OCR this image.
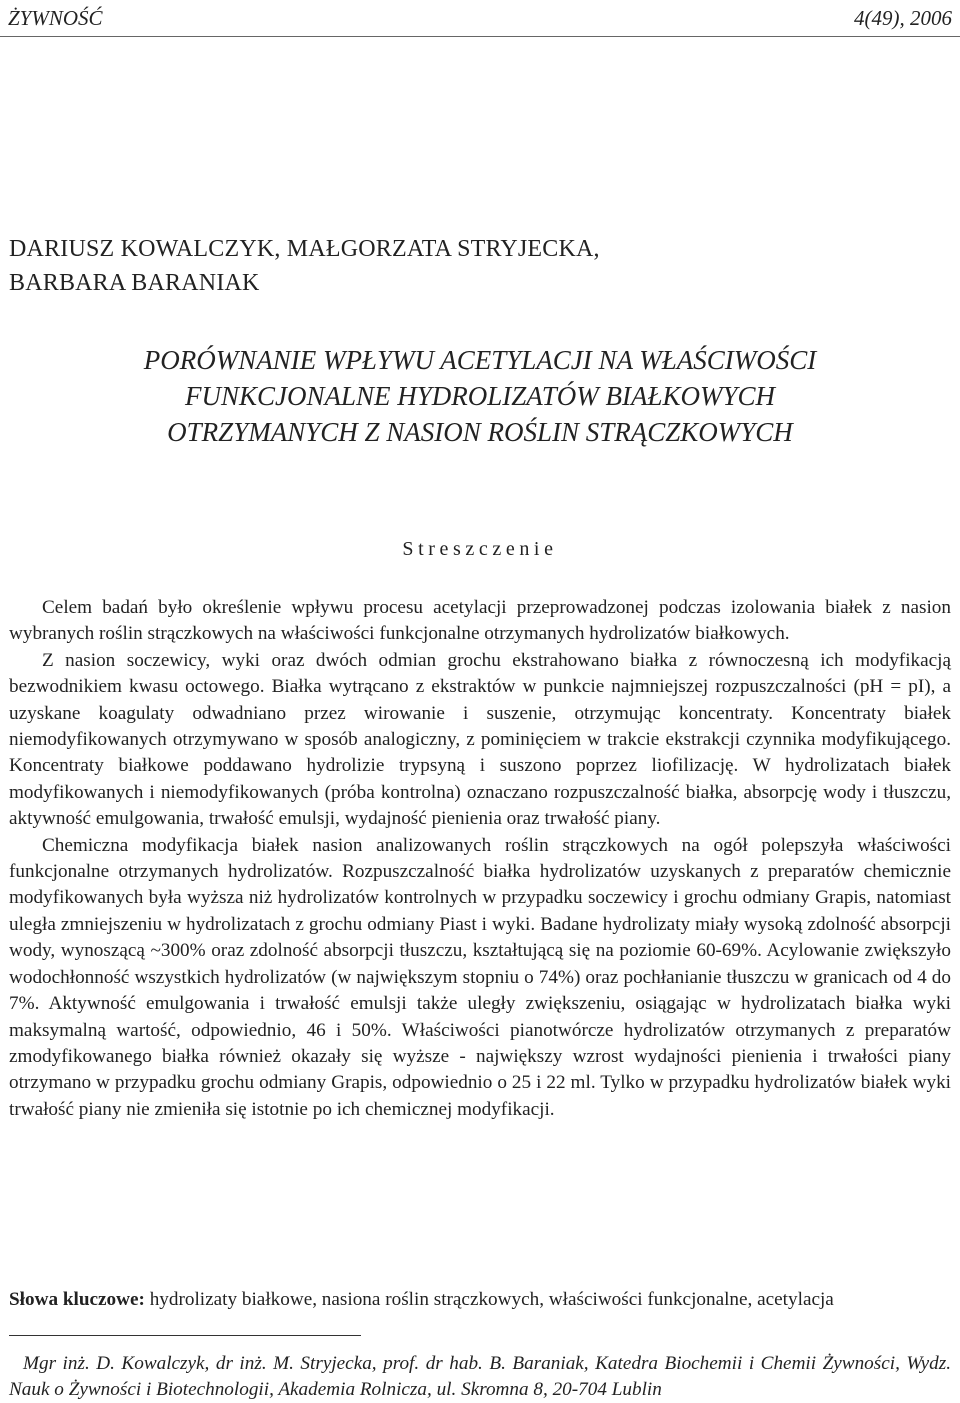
ŻYWNOŚĆ	4(49), 2006
DARIUSZ KOWALCZYK, MAŁGORZATA STRYJECKA,
BARBARA BARANIAK
PORÓWNANIE WPŁYWU ACETYLACJI NA WŁAŚCIWOŚCI
FUNKCJONALNE HYDROLIZATÓW BIAŁKOWYCH
OTRZYMANYCH Z NASION ROŚLIN STRĄCZKOWYCH
Streszczenie

Celem badań było określenie wpływu procesu acetylacji przeprowadzonej podczas izolowania białek z nasion wybranych roślin strączkowych na właściwości funkcjonalne otrzymanych hydrolizatów białkowych.

Z nasion soczewicy, wyki oraz dwóch odmian grochu ekstrahowano białka z równoczesną ich modyfikacją bezwodnikiem kwasu octowego. Białka wytrącano z ekstraktów w punkcie najmniejszej rozpuszczalności (pH = pI), a uzyskane koagulaty odwadniano przez wirowanie i suszenie, otrzymując koncentraty. Koncentraty białek niemodyfikowanych otrzymywano w sposób analogiczny, z pominięciem w trakcie ekstrakcji czynnika modyfikującego. Koncentraty białkowe poddawano hydrolizie trypsyną i suszono poprzez liofilizację. W hydrolizatach białek modyfikowanych i niemodyfikowanych (próba kontrolna) oznaczano rozpuszczalność białka, absorpcję wody i tłuszczu, aktywność emulgowania, trwałość emulsji, wydajność pienienia oraz trwałość piany.

Chemiczna modyfikacja białek nasion analizowanych roślin strączkowych na ogół polepszyła właściwości funkcjonalne otrzymanych hydrolizatów. Rozpuszczalność białka hydrolizatów uzyskanych z preparatów chemicznie modyfikowanych była wyższa niż hydrolizatów kontrolnych w przypadku soczewicy i grochu odmiany Grapis, natomiast uległa zmniejszeniu w hydrolizatach z grochu odmiany Piast i wyki. Badane hydrolizaty miały wysoką zdolność absorpcji wody, wynoszącą ~300% oraz zdolność absorpcji tłuszczu, kształtującą się na poziomie 60-69%. Acylowanie zwiększyło wodochłonność wszystkich hydrolizatów (w największym stopniu o 74%) oraz pochłanianie tłuszczu w granicach od 4 do 7%. Aktywność emulgowania i trwałość emulsji także uległy zwiększeniu, osiągając w hydrolizatach białka wyki maksymalną wartość, odpowiednio, 46 i 50%. Właściwości pianotwórcze hydrolizatów otrzymanych z preparatów zmodyfikowanego białka również okazały się wyższe - największy wzrost wydajności pienienia i trwałości piany otrzymano w przypadku grochu odmiany Grapis, odpowiednio o 25 i 22 ml. Tylko w przypadku hydrolizatów białek wyki trwałość piany nie zmieniła się istotnie po ich chemicznej modyfikacji.

Słowa kluczowe: hydrolizaty białkowe, nasiona roślin strączkowych, właściwości funkcjonalne, acetylacja
Mgr inż. D. Kowalczyk, dr inż. M. Stryjecka, prof. dr hab. B. Baraniak, Katedra Biochemii i Chemii Żywności, Wydz. Nauk o Żywności i Biotechnologii, Akademia Rolnicza, ul. Skromna 8, 20-704 Lublin
